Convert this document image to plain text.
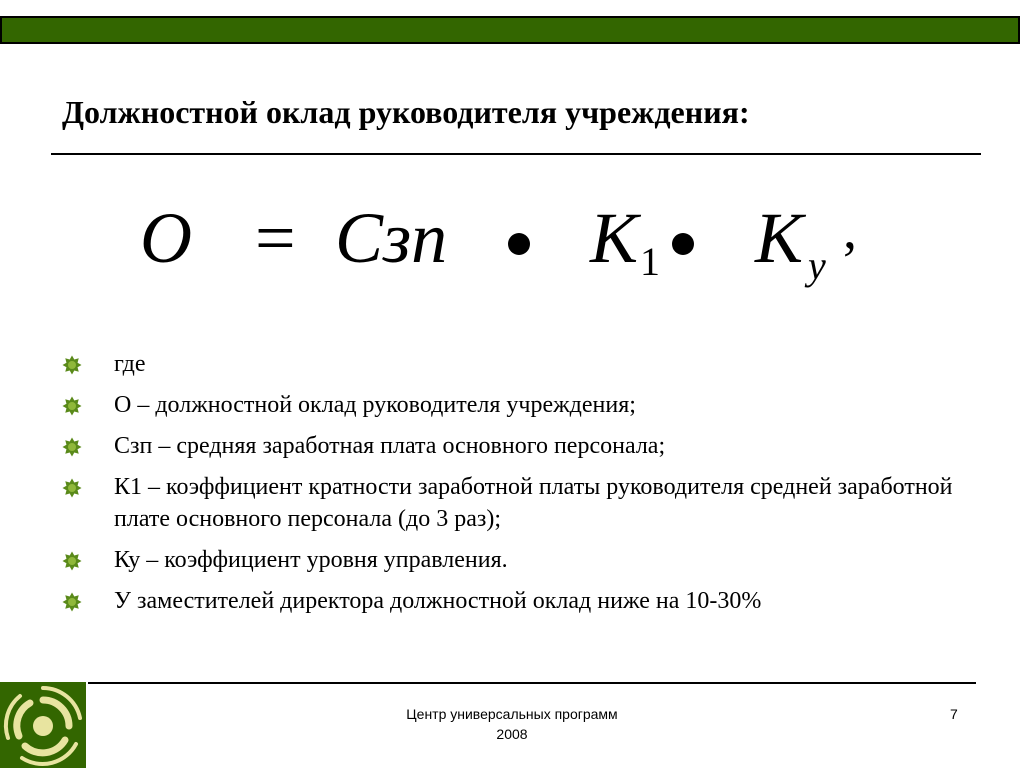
Должностной оклад руководителя учреждения:
O = Cзп K 1 K y
,
где
О – должностной оклад руководителя учреждения;
Сзп – средняя заработная плата основного персонала;
К1 – коэффициент кратности заработной платы руководителя средней заработной плате основного персонала (до 3 раз);
Ку – коэффициент уровня управления.
У заместителей директора должностной оклад ниже на 10-30%
Центр универсальных программ
2008
7
